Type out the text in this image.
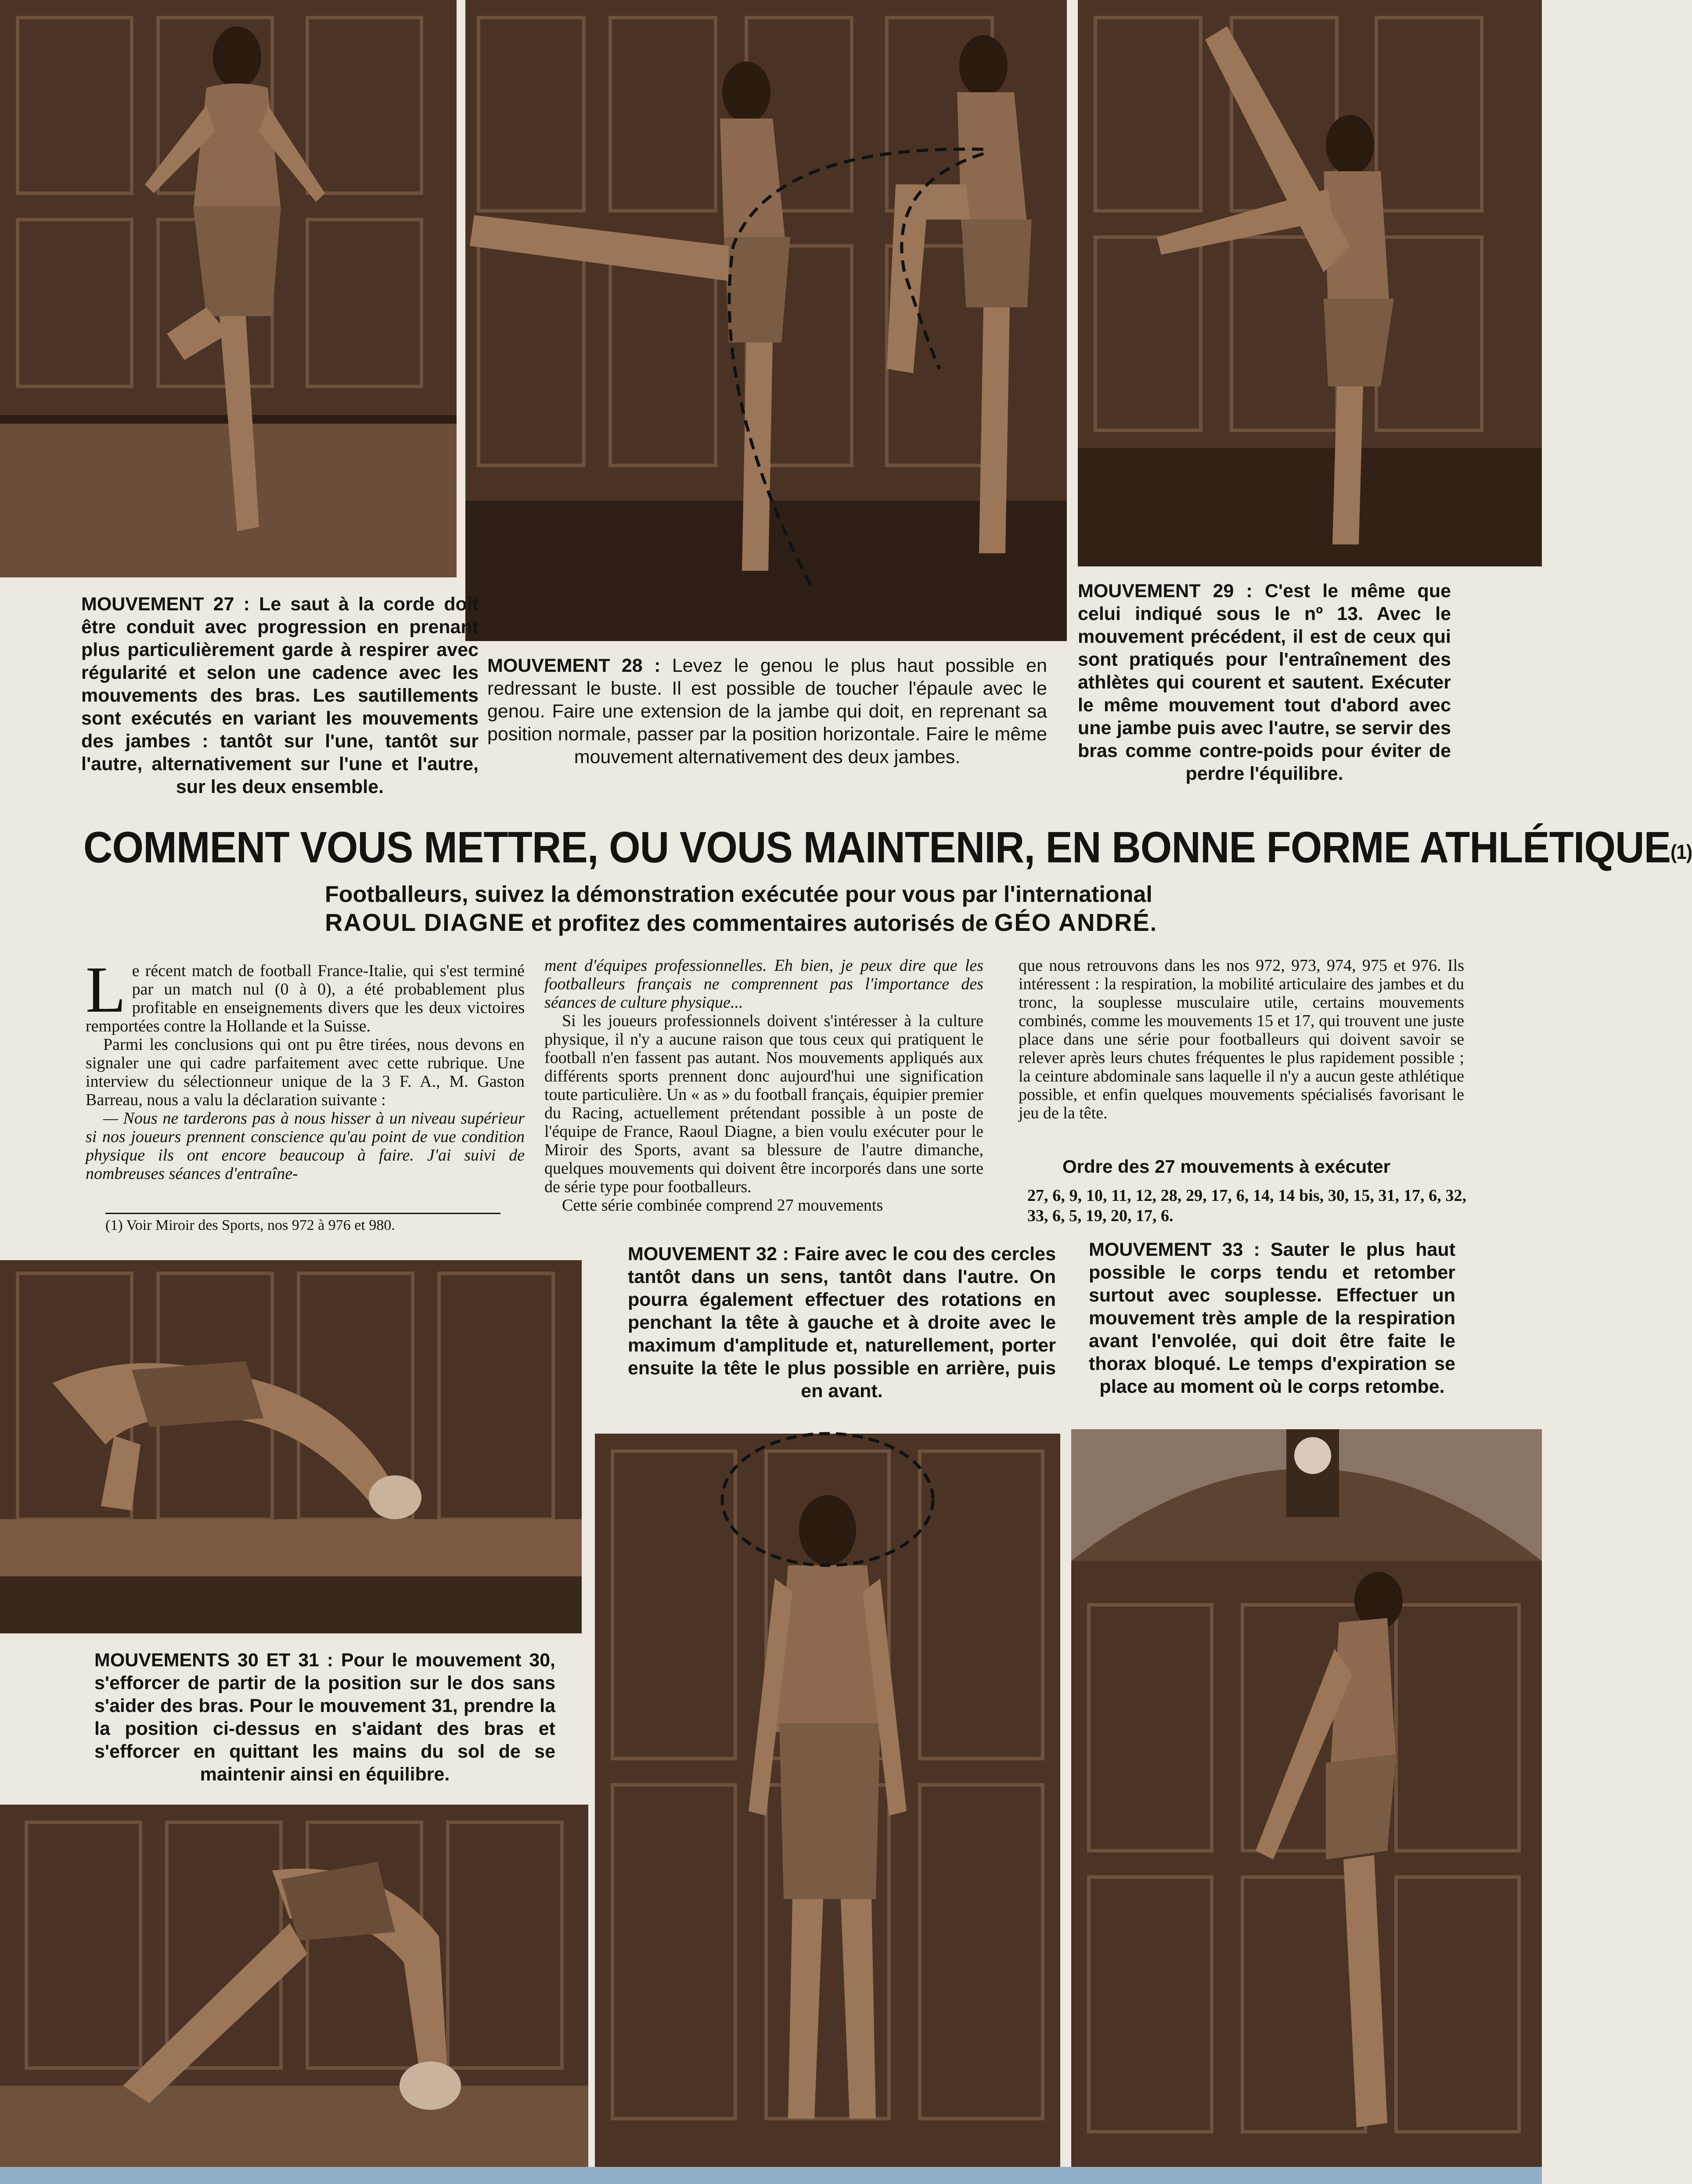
MOUVEMENT 27 : Le saut à la corde doit être conduit avec progression en prenant plus particulièrement garde à respirer avec régularité et selon une cadence avec les mouvements des bras. Les sautillements sont exécutés en variant les mouvements des jambes : tantôt sur l'une, tantôt sur l'autre, alternativement sur l'une et l'autre, sur les deux ensemble.
MOUVEMENT 28 : Levez le genou le plus haut possible en redressant le buste. Il est possible de toucher l'épaule avec le genou. Faire une extension de la jambe qui doit, en reprenant sa position normale, passer par la position horizontale. Faire le même mouvement alternativement des deux jambes.
MOUVEMENT 29 : C'est le même que celui indiqué sous le nº 13. Avec le mouvement précédent, il est de ceux qui sont pratiqués pour l'entraînement des athlètes qui courent et sautent. Exécuter le même mouvement tout d'abord avec une jambe puis avec l'autre, se servir des bras comme contre-poids pour éviter de perdre l'équilibre.
COMMENT VOUS METTRE, OU VOUS MAINTENIR, EN BONNE FORME ATHLÉTIQUE$^{(1)}$
Footballeurs, suivez la démonstration exécutée pour vous par l'international
RAOUL DIAGNE et profitez des commentaires autorisés de GÉO ANDRÉ.

Le récent match de football France-Italie, qui s'est terminé par un match nul (0 à 0), a été probablement plus profitable en enseignements divers que les deux victoires remportées contre la Hollande et la Suisse.

Parmi les conclusions qui ont pu être tirées, nous devons en signaler une qui cadre parfaitement avec cette rubrique. Une interview du sélectionneur unique de la 3 F. A., M. Gaston Barreau, nous a valu la déclaration suivante :

— Nous ne tarderons pas à nous hisser à un niveau supérieur si nos joueurs prennent conscience qu'au point de vue condition physique ils ont encore beaucoup à faire. J'ai suivi de nombreuses séances d'entraîne-

ment d'équipes professionnelles. Eh bien, je peux dire que les footballeurs français ne comprennent pas l'importance des séances de culture physique...

Si les joueurs professionnels doivent s'intéresser à la culture physique, il n'y a aucune raison que tous ceux qui pratiquent le football n'en fassent pas autant. Nos mouvements appliqués aux différents sports prennent donc aujourd'hui une signification toute particulière. Un « as » du football français, équipier premier du Racing, actuellement prétendant possible à un poste de l'équipe de France, Raoul Diagne, a bien voulu exécuter pour le Miroir des Sports, avant sa blessure de l'autre dimanche, quelques mouvements qui doivent être incorporés dans une sorte de série type pour footballeurs.

Cette série combinée comprend 27 mouvements

que nous retrouvons dans les nos 972, 973, 974, 975 et 976. Ils intéressent : la respiration, la mobilité articulaire des jambes et du tronc, la souplesse musculaire utile, certains mouvements combinés, comme les mouvements 15 et 17, qui trouvent une juste place dans une série pour footballeurs qui doivent savoir se relever après leurs chutes fréquentes le plus rapidement possible ; la ceinture abdominale sans laquelle il n'y a aucun geste athlétique possible, et enfin quelques mouvements spécialisés favorisant le jeu de la tête.

(1) Voir Miroir des Sports, nos 972 à 976 et 980.
Ordre des 27 mouvements à exécuter
27, 6, 9, 10, 11, 12, 28, 29, 17, 6, 14, 14 bis, 30, 15, 31, 17, 6, 32, 33, 6, 5, 19, 20, 17, 6.
MOUVEMENTS 30 ET 31 : Pour le mouvement 30, s'efforcer de partir de la position sur le dos sans s'aider des bras. Pour le mouvement 31, prendre la la position ci-dessus en s'aidant des bras et s'efforcer en quittant les mains du sol de se maintenir ainsi en équilibre.
MOUVEMENT 32 : Faire avec le cou des cercles tantôt dans un sens, tantôt dans l'autre. On pourra également effectuer des rotations en penchant la tête à gauche et à droite avec le maximum d'amplitude et, naturellement, porter ensuite la tête le plus possible en arrière, puis en avant.
MOUVEMENT 33 : Sauter le plus haut possible le corps tendu et retomber surtout avec souplesse. Effectuer un mouvement très ample de la respiration avant l'envolée, qui doit être faite le thorax bloqué. Le temps d'expiration se place au moment où le corps retombe.
